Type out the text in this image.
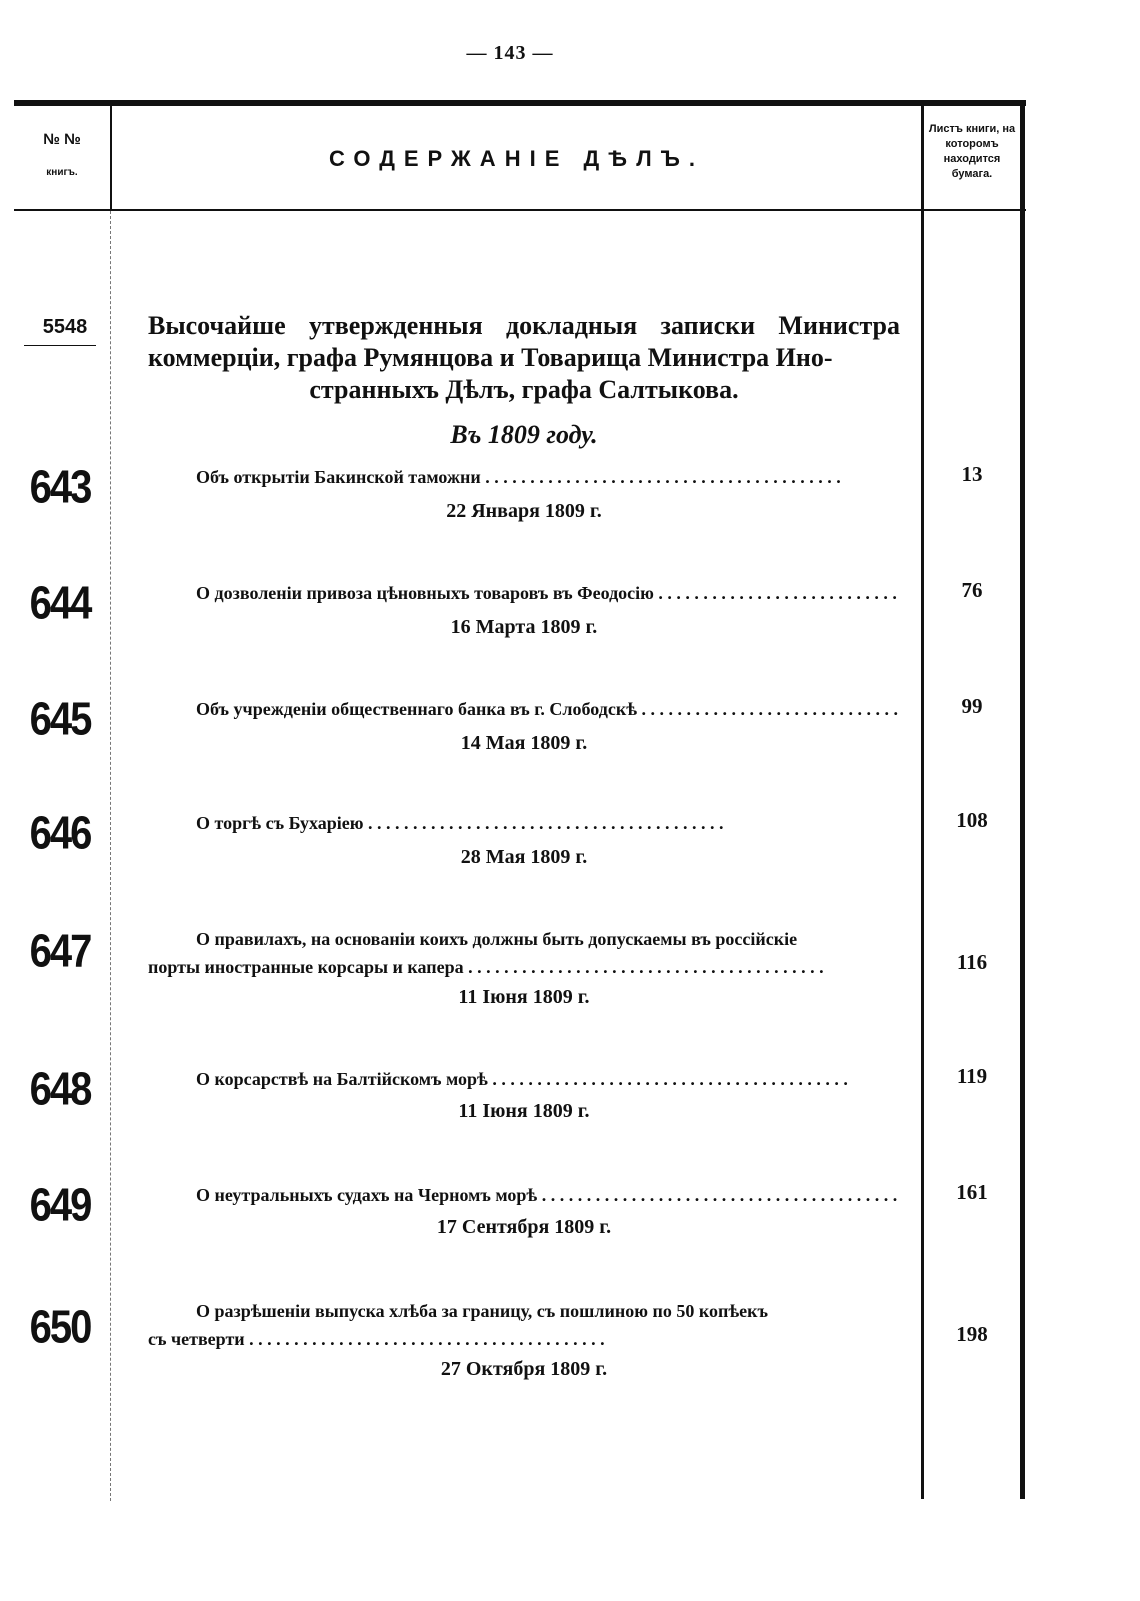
— 143 —
№ №
книгъ.
СОДЕРЖАНІЕ ДѢЛЪ.
Листъ книги, на которомъ находится бумага.
5548	Высочайше утвержденныя докладныя записки Министра коммерціи, графа Румянцова и Товарища Министра Ино-
странныхъ Дѣлъ, графа Салтыкова.
Въ 1809 году.
643	Объ открытіи Бакинской таможни . . .
22 Января 1809 г.
13
644	О дозволеніи привоза цѣновныхъ товаровъ въ Феодосію . . .
16 Марта 1809 г.
76
645	Объ учрежденіи общественнаго банка въ г. Слободскѣ . . .
14 Мая 1809 г.
99
646	О торгѣ съ Бухаріею . . .
28 Мая 1809 г.
108
647	О правилахъ, на основаніи коихъ должны быть допускаемы въ россійскіе
порты иностранные корсары и капера . . .
11 Іюня 1809 г.
116
648	О корсарствѣ на Балтійскомъ морѣ . . .
11 Іюня 1809 г.
119
649	О неутральныхъ судахъ на Черномъ морѣ . . .
17 Сентября 1809 г.
161
650	О разрѣшеніи выпуска хлѣба за границу, съ пошлиною по 50 копѣекъ
съ четверти . . .
27 Октября 1809 г.
198
